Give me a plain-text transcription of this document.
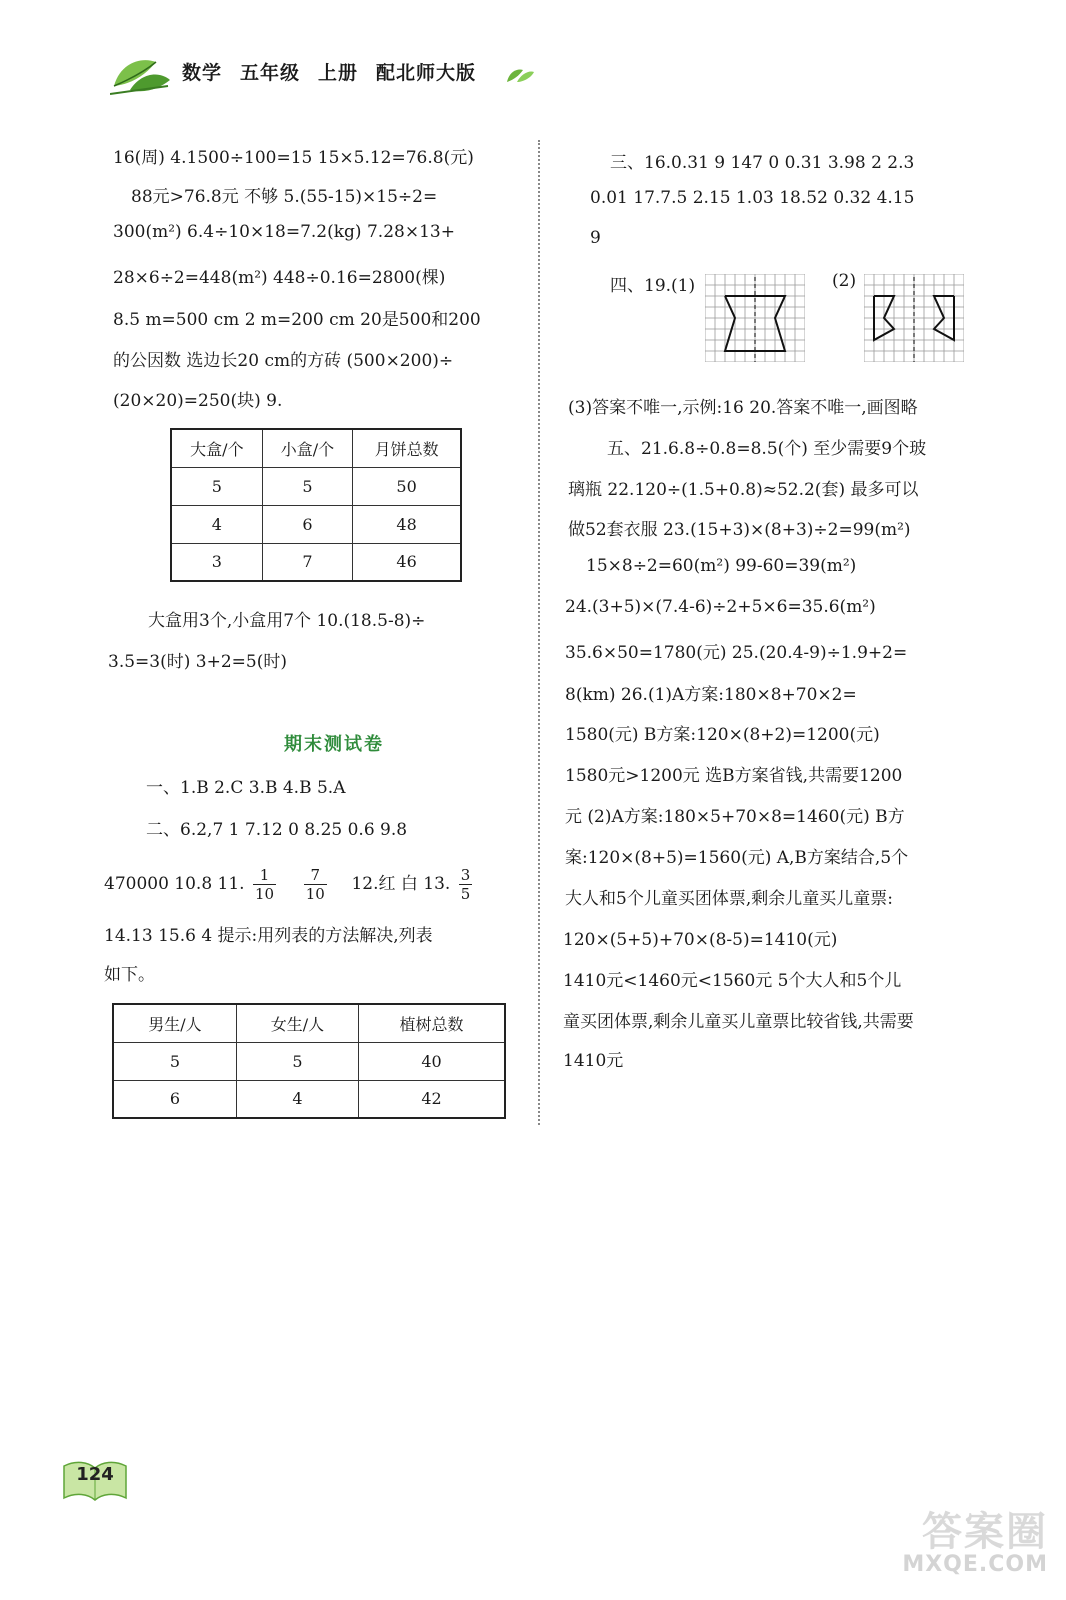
数学 五年级 上册 配北师大版
16(周) 4.1500÷100=15 15×5.12=76.8(元)
88元>76.8元 不够 5.(55-15)×15÷2=
300(m²) 6.4÷10×18=7.2(kg) 7.28×13+
28×6÷2=448(m²) 448÷0.16=2800(棵)
8.5 m=500 cm 2 m=200 cm 20是500和200
的公因数 选边长20 cm的方砖 (500×200)÷
(20×20)=250(块) 9.
大盒/个	小盒/个	月饼总数
5	5	50
4	6	48
3	7	46
大盒用3个,小盒用7个 10.(18.5-8)÷
3.5=3(时) 3+2=5(时)
期末测试卷
一、1.B 2.C 3.B 4.B 5.A
二、6.2,7 1 7.12 0 8.25 0.6 9.8
470000 10.8 11. $\frac{1}{10}$
$\frac{7}{10} 12$.红 白 13. $\frac{3}{5}$
14.13 15.6 4 提示:用列表的方法解决,列表
如下。
男生/人	女生/人	植树总数
5	5	40
6	4	42
三、16.0.31 9 147 0 0.31 3.98 2 2.3
0.01 17.7.5 2.15 1.03 18.52 0.32 4.15
9
四、19.(1)	(2)
(3)答案不唯一,示例:16 20.答案不唯一,画图略
五、21.6.8÷0.8=8.5(个) 至少需要9个玻
璃瓶 22.120÷(1.5+0.8)≈52.2(套) 最多可以
做52套衣服 23.(15+3)×(8+3)÷2=99(m²)
15×8÷2=60(m²) 99-60=39(m²)
24.(3+5)×(7.4-6)÷2+5×6=35.6(m²)
35.6×50=1780(元) 25.(20.4-9)÷1.9+2=
8(km) 26.(1)A方案:180×8+70×2=
1580(元) B方案:120×(8+2)=1200(元)
1580元>1200元 选B方案省钱,共需要1200
元 (2)A方案:180×5+70×8=1460(元) B方
案:120×(8+5)=1560(元) A,B方案结合,5个
大人和5个儿童买团体票,剩余儿童买儿童票:
120×(5+5)+70×(8-5)=1410(元)
1410元<1460元<1560元 5个大人和5个儿
童买团体票,剩余儿童买儿童票比较省钱,共需要
1410元
124
答案圈
MXQE.COM
